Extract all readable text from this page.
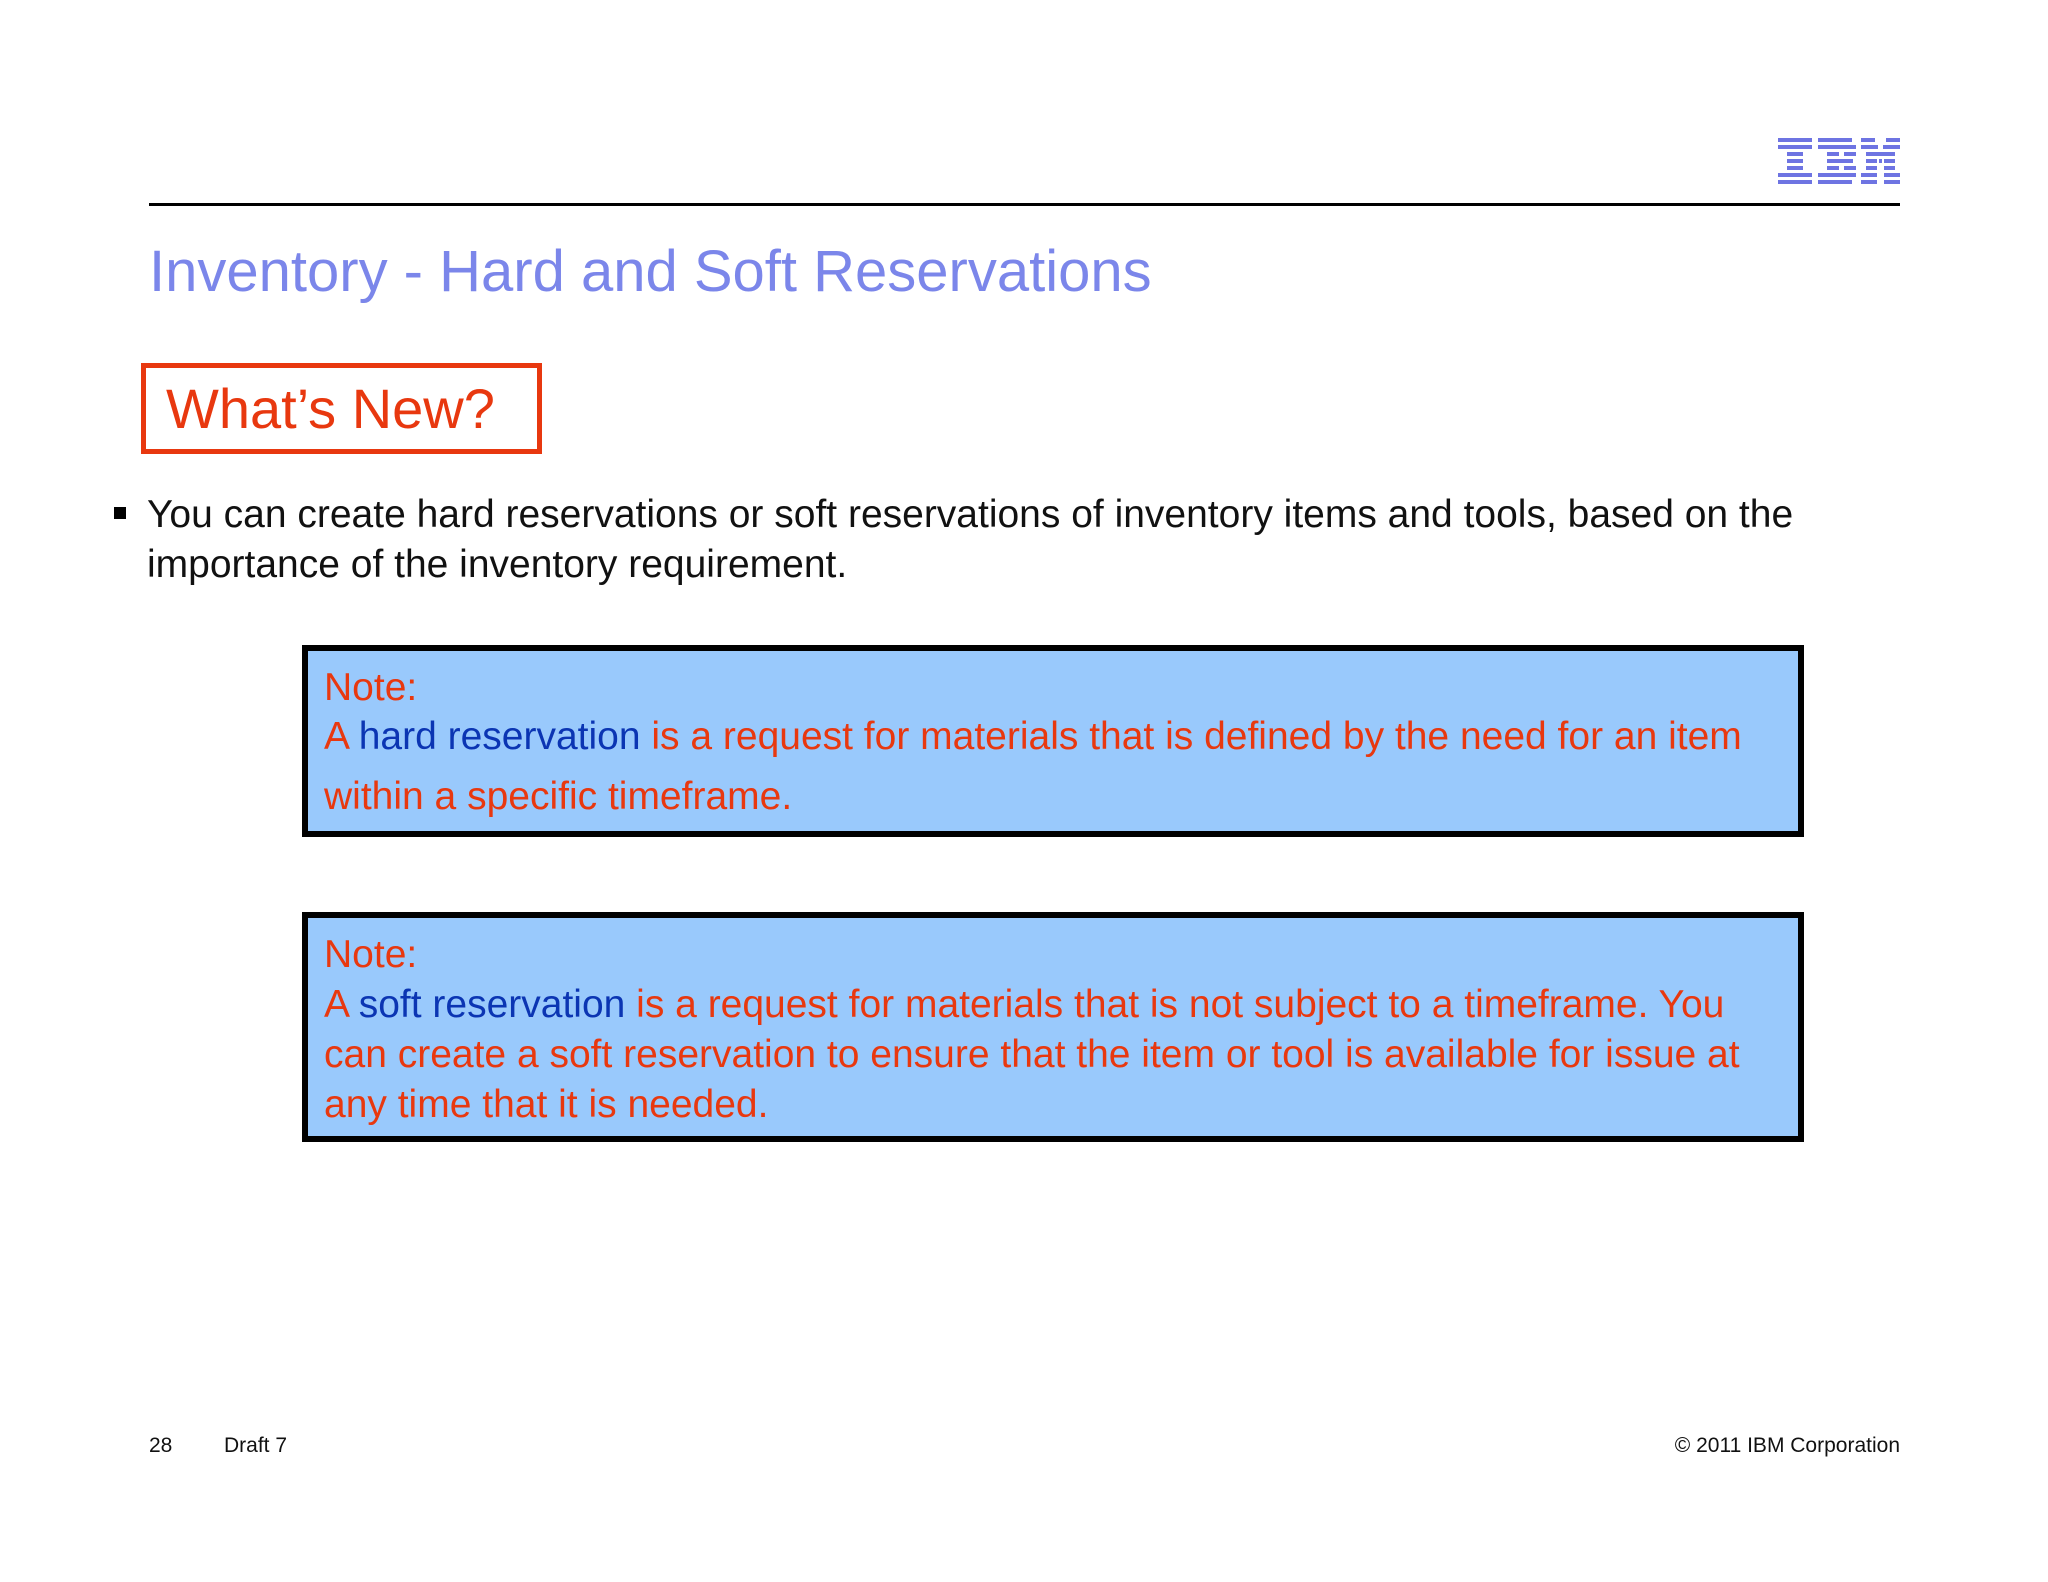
Inventory - Hard and Soft Reservations
What’s New?
You can create hard reservations or soft reservations of inventory items and tools, based on the importance of the inventory requirement.
Note:
A hard reservation is a request for materials that is defined by the need for an item within a specific timeframe.
Note:
A soft reservation is a request for materials that is not subject to a timeframe. You can create a soft reservation to ensure that the item or tool is available for issue at any time that it is needed.
28 Draft 7	© 2011 IBM Corporation
